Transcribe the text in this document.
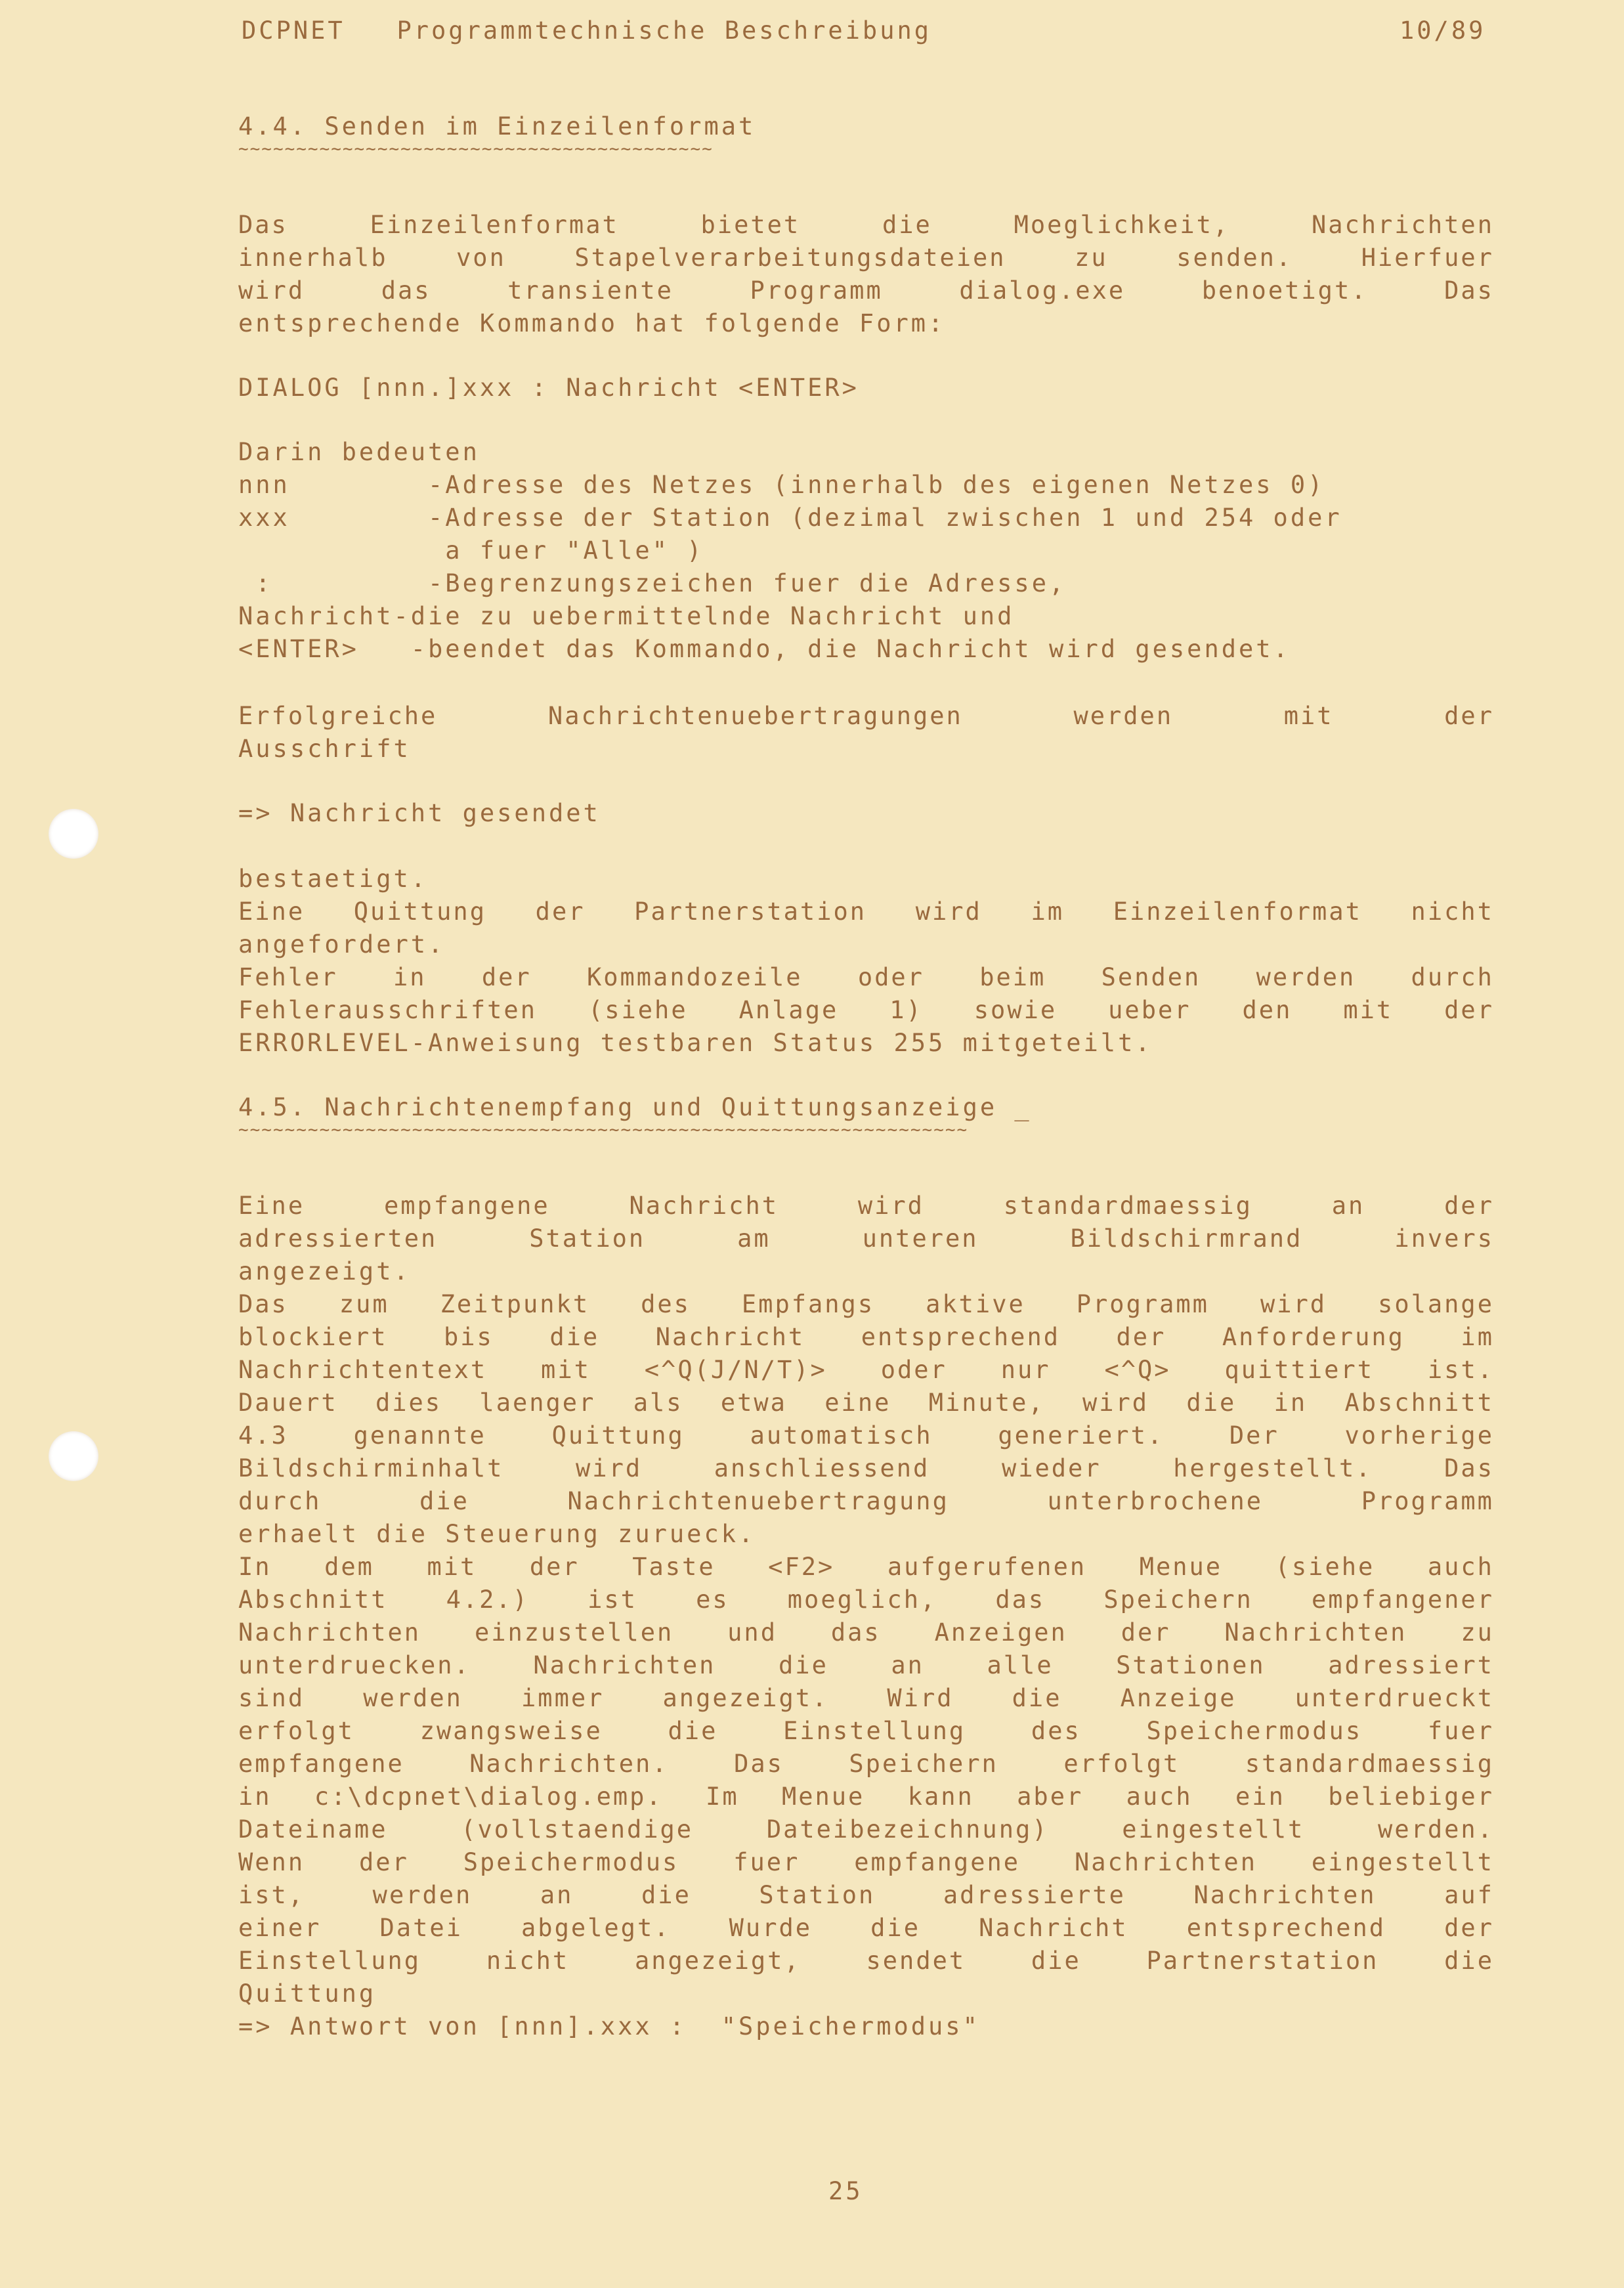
DCPNET   Programmtechnische Beschreibung	10/89
4.4. Senden im Einzeilenformat
~~~~~~~~~~~~~~~~~~~~~~~~~~~~~~~~~~~~~~~~~
Das	Einzeilenformat	bietet	die	Moeglichkeit,	Nachrichten
innerhalb	von	Stapelverarbeitungsdateien	zu	senden.	Hierfuer
wird	das	transiente	Programm	dialog.exe	benoetigt.	Das
entsprechende Kommando hat folgende Form:
DIALOG [nnn.]xxx : Nachricht <ENTER>
Darin bedeuten
nnn        -Adresse des Netzes (innerhalb des eigenen Netzes 0)
xxx        -Adresse der Station (dezimal zwischen 1 und 254 oder
a fuer "Alle" )
:         -Begrenzungszeichen fuer die Adresse,
Nachricht-die zu uebermittelnde Nachricht und
<ENTER>   -beendet das Kommando, die Nachricht wird gesendet.
Erfolgreiche	Nachrichtenuebertragungen	werden	mit	der
Ausschrift
=> Nachricht gesendet
bestaetigt.
Eine Quittung der Partnerstation wird im Einzeilenformat nicht
angefordert.
Fehler in der Kommandozeile oder beim Senden werden durch
Fehlerausschriften (siehe Anlage 1) sowie ueber den mit der
ERRORLEVEL-Anweisung testbaren Status 255 mitgeteilt.
4.5. Nachrichtenempfang und Quittungsanzeige _
~~~~~~~~~~~~~~~~~~~~~~~~~~~~~~~~~~~~~~~~~~~~~~~~~~~~~~~~~~~~~~~
Eine	empfangene	Nachricht	wird	standardmaessig	an	der
adressierten	Station	am	unteren	Bildschirmrand	invers
angezeigt.
Das zum Zeitpunkt des Empfangs aktive Programm wird solange
blockiert bis die Nachricht entsprechend der Anforderung im
Nachrichtentext mit <^Q(J/N/T)> oder nur <^Q> quittiert ist.
Dauert dies laenger als etwa eine Minute, wird die in Abschnitt
4.3	genannte	Quittung	automatisch	generiert.	Der	vorherige
Bildschirminhalt	wird	anschliessend	wieder	hergestellt.	Das
durch	die	Nachrichtenuebertragung	unterbrochene	Programm
erhaelt die Steuerung zurueck.
In dem mit der Taste <F2> aufgerufenen Menue (siehe auch
Abschnitt 4.2.) ist es moeglich, das Speichern empfangener
Nachrichten einzustellen und das Anzeigen der Nachrichten zu
unterdruecken.	Nachrichten	die	an	alle	Stationen	adressiert
sind werden immer angezeigt. Wird die Anzeige unterdrueckt
erfolgt	zwangsweise	die	Einstellung	des	Speichermodus	fuer
empfangene	Nachrichten.	Das	Speichern	erfolgt	standardmaessig
in c:\dcpnet\dialog.emp. Im Menue kann aber auch ein beliebiger
Dateiname	(vollstaendige	Dateibezeichnung)	eingestellt	werden.
Wenn der Speichermodus fuer empfangene Nachrichten eingestellt
ist,	werden	an	die	Station	adressierte	Nachrichten	auf
einer Datei abgelegt. Wurde die Nachricht entsprechend der
Einstellung	nicht	angezeigt,	sendet	die	Partnerstation	die
Quittung
=> Antwort von [nnn].xxx :  "Speichermodus"
25
